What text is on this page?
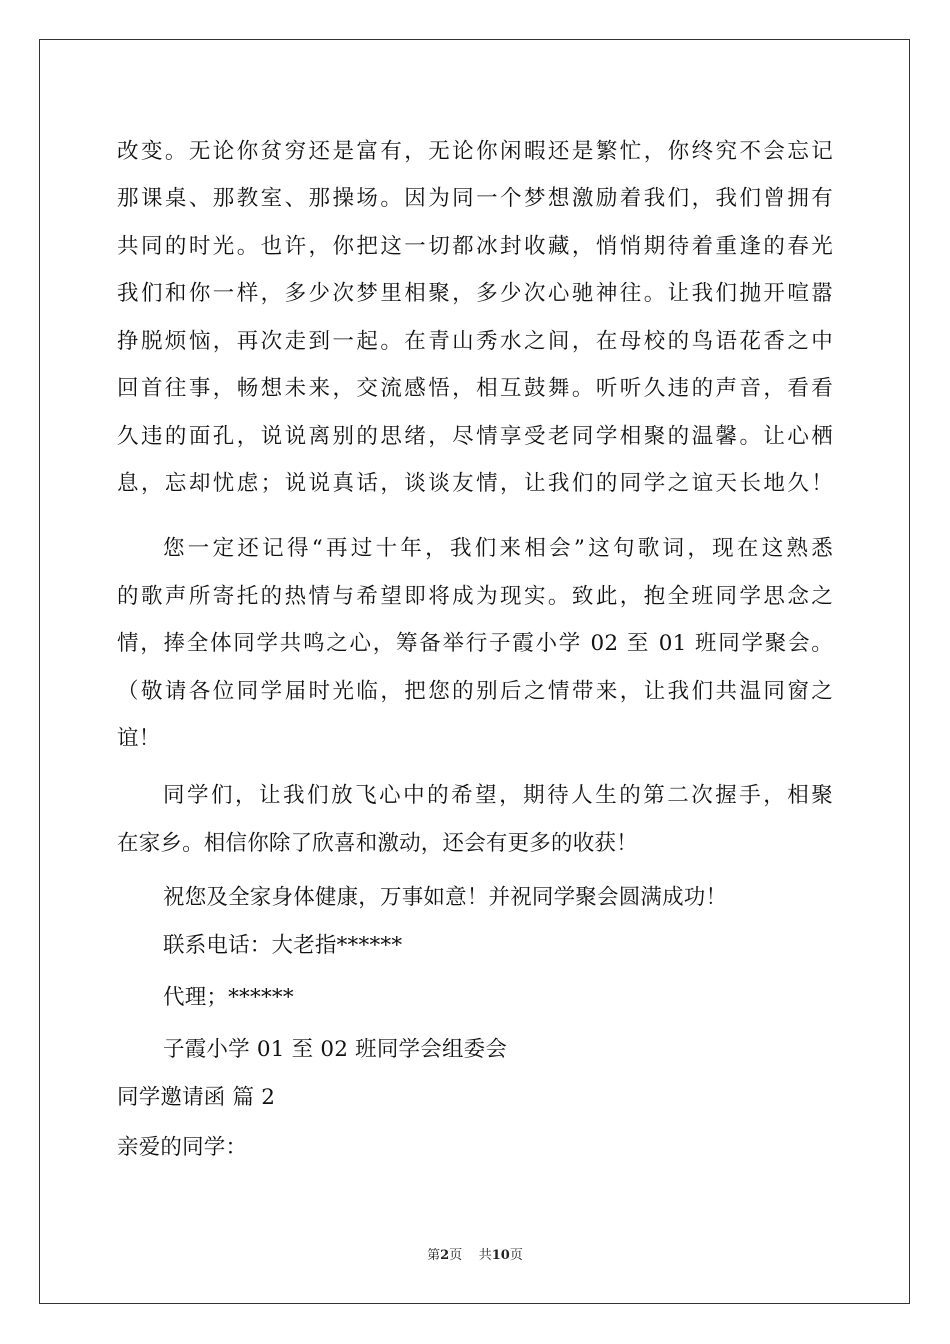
改变。无论你贫穷还是富有，无论你闲暇还是繁忙，你终究不会忘记
那课桌、那教室、那操场。因为同一个梦想激励着我们，我们曾拥有
共同的时光。也许，你把这一切都冰封收藏，悄悄期待着重逢的春光
我们和你一样，多少次梦里相聚，多少次心驰神往。让我们抛开喧嚣
挣脱烦恼，再次走到一起。在青山秀水之间，在母校的鸟语花香之中
回首往事，畅想未来，交流感悟，相互鼓舞。听听久违的声音，看看
久违的面孔，说说离别的思绪，尽情享受老同学相聚的温馨。让心栖
息，忘却忧虑；说说真话，谈谈友情，让我们的同学之谊天长地久！
您一定还记得“再过十年，我们来相会”这句歌词，现在这熟悉
的歌声所寄托的热情与希望即将成为现实。致此，抱全班同学思念之
情，捧全体同学共鸣之心，筹备举行子霞小学 02 至 01 班同学聚会。
（敬请各位同学届时光临，把您的别后之情带来，让我们共温同窗之
谊！
同学们，让我们放飞心中的希望，期待人生的第二次握手，相聚
在家乡。相信你除了欣喜和激动，还会有更多的收获！
祝您及全家身体健康，万事如意！并祝同学聚会圆满成功！
联系电话：大老指******
代理；******
子霞小学 01 至 02 班同学会组委会
同学邀请函 篇 2
亲爱的同学：
第2页 共10页
